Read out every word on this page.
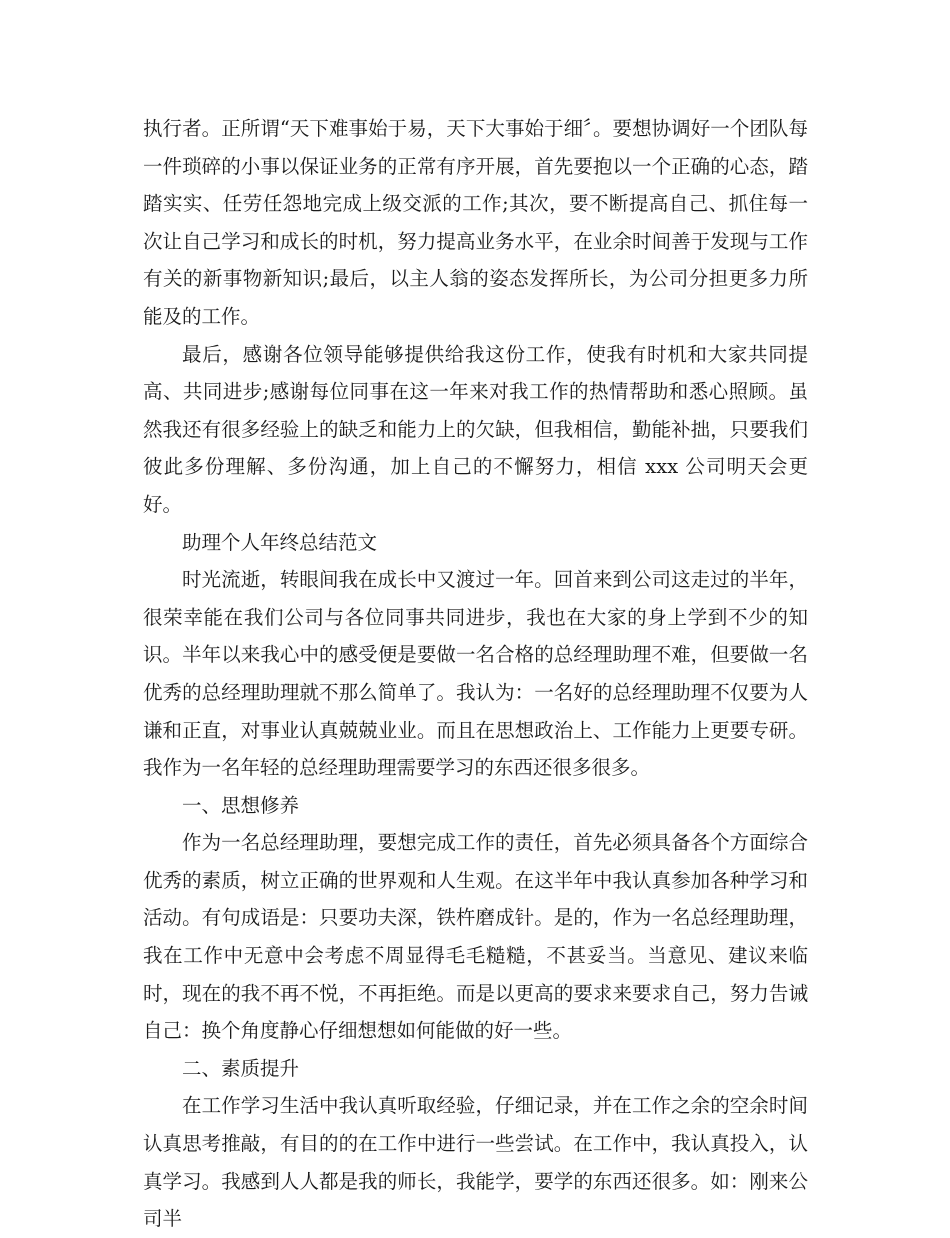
执行者。正所谓“天下难事始于易，天下大事始于细〞。要想协调好一个团队每一件琐碎的小事以保证业务的正常有序开展，首先要抱以一个正确的心态，踏踏实实、任劳任怨地完成上级交派的工作;其次，要不断提高自己、抓住每一次让自己学习和成长的时机，努力提高业务水平，在业余时间善于发现与工作有关的新事物新知识;最后，以主人翁的姿态发挥所长，为公司分担更多力所能及的工作。

最后，感谢各位领导能够提供给我这份工作，使我有时机和大家共同提高、共同进步;感谢每位同事在这一年来对我工作的热情帮助和悉心照顾。虽然我还有很多经验上的缺乏和能力上的欠缺，但我相信，勤能补拙，只要我们彼此多份理解、多份沟通，加上自己的不懈努力，相信 xxx 公司明天会更好。

助理个人年终总结范文

时光流逝，转眼间我在成长中又渡过一年。回首来到公司这走过的半年，很荣幸能在我们公司与各位同事共同进步，我也在大家的身上学到不少的知识。半年以来我心中的感受便是要做一名合格的总经理助理不难，但要做一名优秀的总经理助理就不那么简单了。我认为：一名好的总经理助理不仅要为人谦和正直，对事业认真兢兢业业。而且在思想政治上、工作能力上更要专研。我作为一名年轻的总经理助理需要学习的东西还很多很多。

一、思想修养

作为一名总经理助理，要想完成工作的责任，首先必须具备各个方面综合优秀的素质，树立正确的世界观和人生观。在这半年中我认真参加各种学习和活动。有句成语是：只要功夫深，铁杵磨成针。是的，作为一名总经理助理，我在工作中无意中会考虑不周显得毛毛糙糙，不甚妥当。当意见、建议来临时，现在的我不再不悦，不再拒绝。而是以更高的要求来要求自己，努力告诫自己：换个角度静心仔细想想如何能做的好一些。

二、素质提升

在工作学习生活中我认真听取经验，仔细记录，并在工作之余的空余时间认真思考推敲，有目的的在工作中进行一些尝试。在工作中，我认真投入，认真学习。我感到人人都是我的师长，我能学，要学的东西还很多。如：刚来公司半
